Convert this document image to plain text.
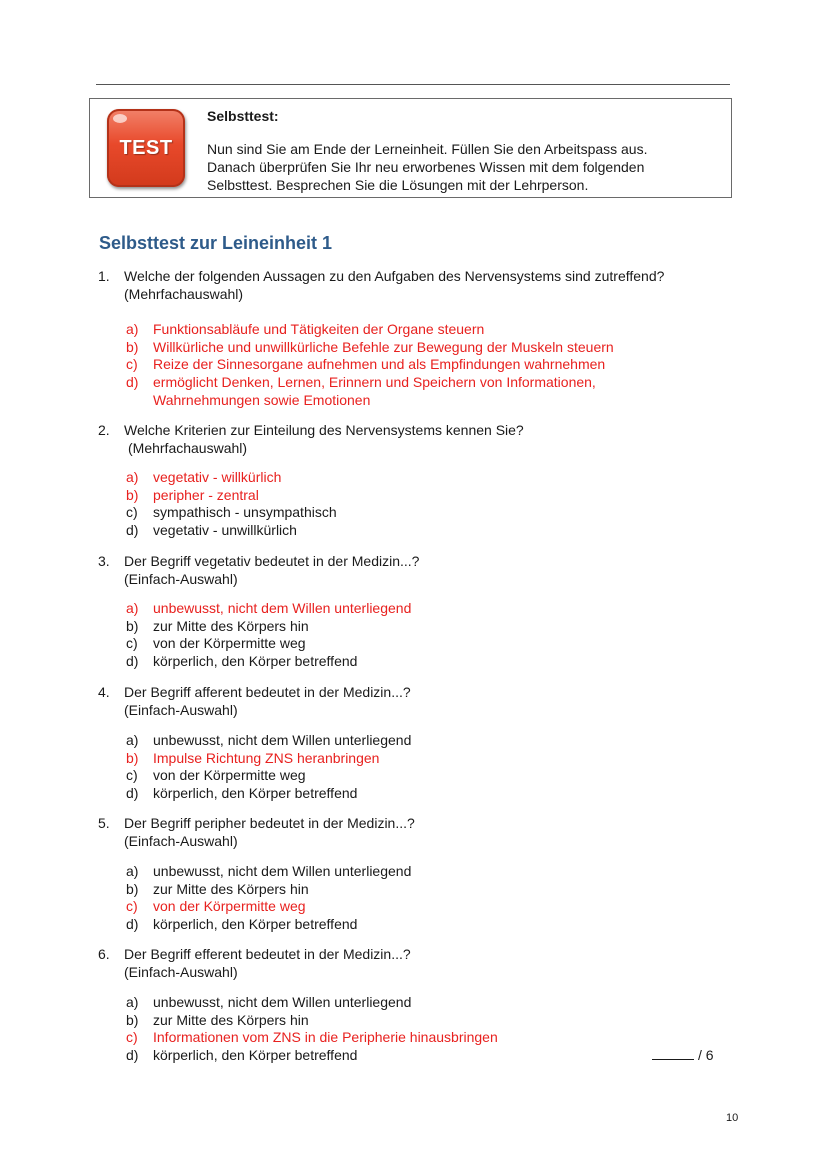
TEST
Selbsttest:
Nun sind Sie am Ende der Lerneinheit. Füllen Sie den Arbeitspass aus.
Danach überprüfen Sie Ihr neu erworbenes Wissen mit dem folgenden
Selbsttest. Besprechen Sie die Lösungen mit der Lehrperson.
Selbsttest zur Leineinheit 1
1. Welche der folgenden Aussagen zu den Aufgaben des Nervensystems sind zutreffend?
(Mehrfachauswahl)
a) Funktionsabläufe und Tätigkeiten der Organe steuern
b) Willkürliche und unwillkürliche Befehle zur Bewegung der Muskeln steuern
c) Reize der Sinnesorgane aufnehmen und als Empfindungen wahrnehmen
d) ermöglicht Denken, Lernen, Erinnern und Speichern von Informationen,
Wahrnehmungen sowie Emotionen
2. Welche Kriterien zur Einteilung des Nervensystems kennen Sie?
(Mehrfachauswahl)
a) vegetativ - willkürlich
b) peripher - zentral
c) sympathisch - unsympathisch
d) vegetativ - unwillkürlich
3. Der Begriff vegetativ bedeutet in der Medizin...?
(Einfach-Auswahl)
a) unbewusst, nicht dem Willen unterliegend
b) zur Mitte des Körpers hin
c) von der Körpermitte weg
d) körperlich, den Körper betreffend
4. Der Begriff afferent bedeutet in der Medizin...?
(Einfach-Auswahl)
a) unbewusst, nicht dem Willen unterliegend
b) Impulse Richtung ZNS heranbringen
c) von der Körpermitte weg
d) körperlich, den Körper betreffend
5. Der Begriff peripher bedeutet in der Medizin...?
(Einfach-Auswahl)
a) unbewusst, nicht dem Willen unterliegend
b) zur Mitte des Körpers hin
c) von der Körpermitte weg
d) körperlich, den Körper betreffend
6. Der Begriff efferent bedeutet in der Medizin...?
(Einfach-Auswahl)
a) unbewusst, nicht dem Willen unterliegend
b) zur Mitte des Körpers hin
c) Informationen vom ZNS in die Peripherie hinausbringen
d) körperlich, den Körper betreffend	/ 6
10
